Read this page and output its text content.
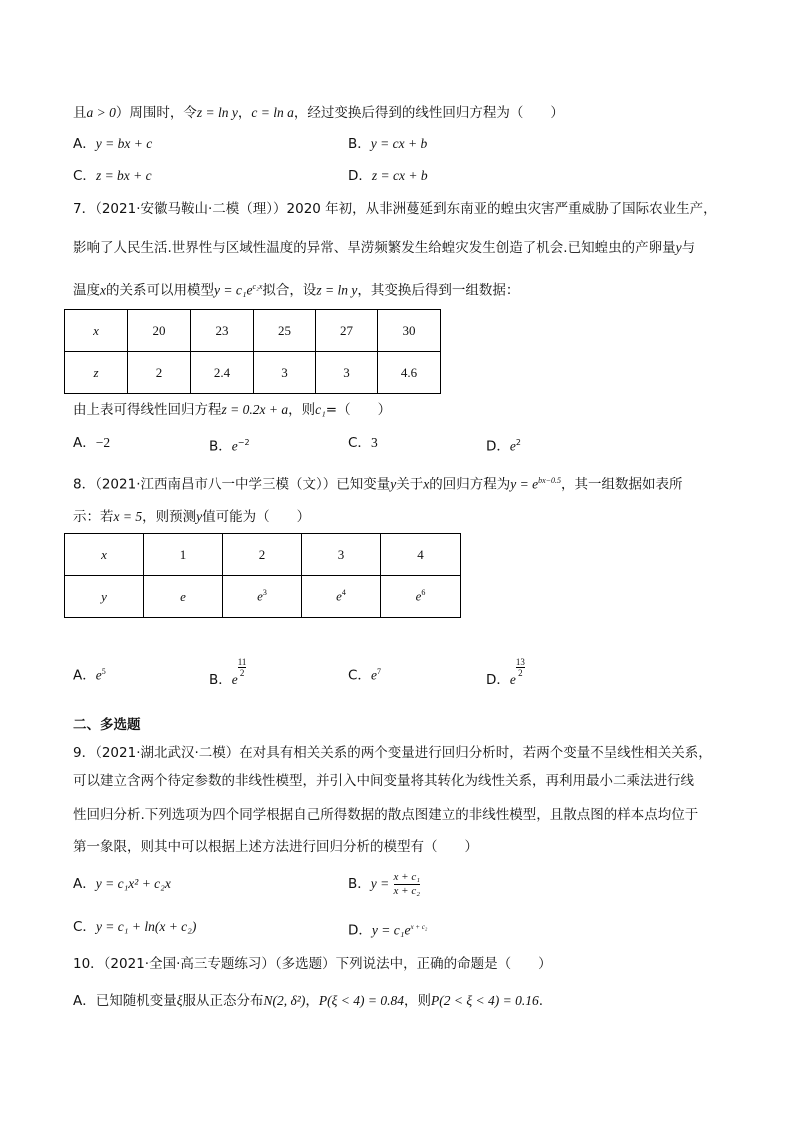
且a > 0）周围时，令z = ln y，c = ln a，经过变换后得到的线性回归方程为（　　）
A．y = bx + c	B．y = cx + b
C．z = bx + c	D．z = cx + b
7．（2021·安徽马鞍山·二模（理））2020 年初，从非洲蔓延到东南亚的蝗虫灾害严重威胁了国际农业生产，
影响了人民生活.世界性与区域性温度的异常、旱涝频繁发生给蝗灾发生创造了机会.已知蝗虫的产卵量y与
温度x的关系可以用模型$y = c_1e^{c_2x}$拟合，设z = ln y，其变换后得到一组数据：
x	20	23	25	27	30
z	2	2.4	3	3	4.6
由上表可得线性回归方程z = 0.2x + a，则c₁=（　　）
A．−2	B．$e^{-2}$	C．3	D．$e^2$
8．（2021·江西南昌市八一中学三模（文））已知变量y关于x的回归方程为$y = e^{bx-0.5}$，其一组数据如表所
示：若x = 5，则预测y值可能为（　　）
x	1	2	3	4
y	e	$e^3$	$e^4$	$e^6$
A．$e^5$
B．e
$\frac{11}{2}$	C．$e^7$
D．e
$\frac{13}{2}$
二、多选题
9．（2021·湖北武汉·二模）在对具有相关关系的两个变量进行回归分析时，若两个变量不呈线性相关关系，
可以建立含两个待定参数的非线性模型，并引入中间变量将其转化为线性关系，再利用最小二乘法进行线
性回归分析.下列选项为四个同学根据自己所得数据的散点图建立的非线性模型，且散点图的样本点均位于
第一象限，则其中可以根据上述方法进行回归分析的模型有（　　）
A．y = c₁x² + c₂x	B．$y = \frac{\text{x + c₁}}{\text{x + c₂}}$
C．y = c₁ + ln(x + c₂)	D．$y = c_1e^{x + c_2}$
10．（2021·全国·高三专题练习）（多选题）下列说法中，正确的命题是（　　）
A．已知随机变量ξ服从正态分布N(2, δ²)，P(ξ < 4) = 0.84，则P(2 < ξ < 4) = 0.16.
